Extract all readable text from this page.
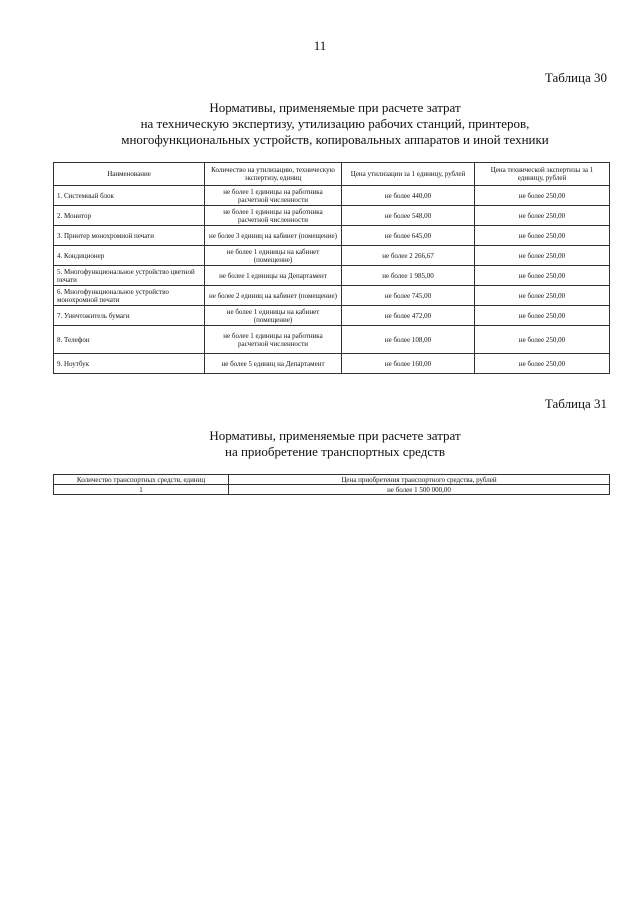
11
Таблица 30
Нормативы, применяемые при расчете затрат
на техническую экспертизу, утилизацию рабочих станций, принтеров,
многофункциональных устройств, копировальных аппаратов и иной техники
Наименование	Количество на утилизацию, техническую экспертизу, единиц	Цена утилизации за 1 единицу, рублей	Цена технической экспертизы за 1 единицу, рублей
1. Системный блок	не более 1 единицы на работника расчетной численности	не более 440,00	не более 250,00
2. Монитор	не более 1 единицы на работника расчетной численности	не более 548,00	не более 250,00
3. Принтер монохромной печати	не более 3 единиц на кабинет (помещение)	не более 645,00	не более 250,00
4. Кондиционер	не более 1 единицы на кабинет (помещение)	не более 2 266,67	не более 250,00
5. Многофункциональное устройство цветной печати	не более 1 единицы на Департамент	не более 1 985,00	не более 250,00
6. Многофункциональное устройство монохромной печати	не более 2 единиц на кабинет (помещение)	не более 745,00	не более 250,00
7. Уничтожитель бумаги	не более 1 единицы на кабинет (помещение)	не более 472,00	не более 250,00
8. Телефон	не более 1 единицы на работника расчетной численности	не более 108,00	не более 250,00
9. Ноутбук	не более 5 единиц на Департамент	не более 160,00	не более 250,00
Таблица 31
Нормативы, применяемые при расчете затрат
на приобретение транспортных средств
Количество транспортных средств, единиц	Цена приобретения транспортного средства, рублей
1	не более 1 500 000,00
